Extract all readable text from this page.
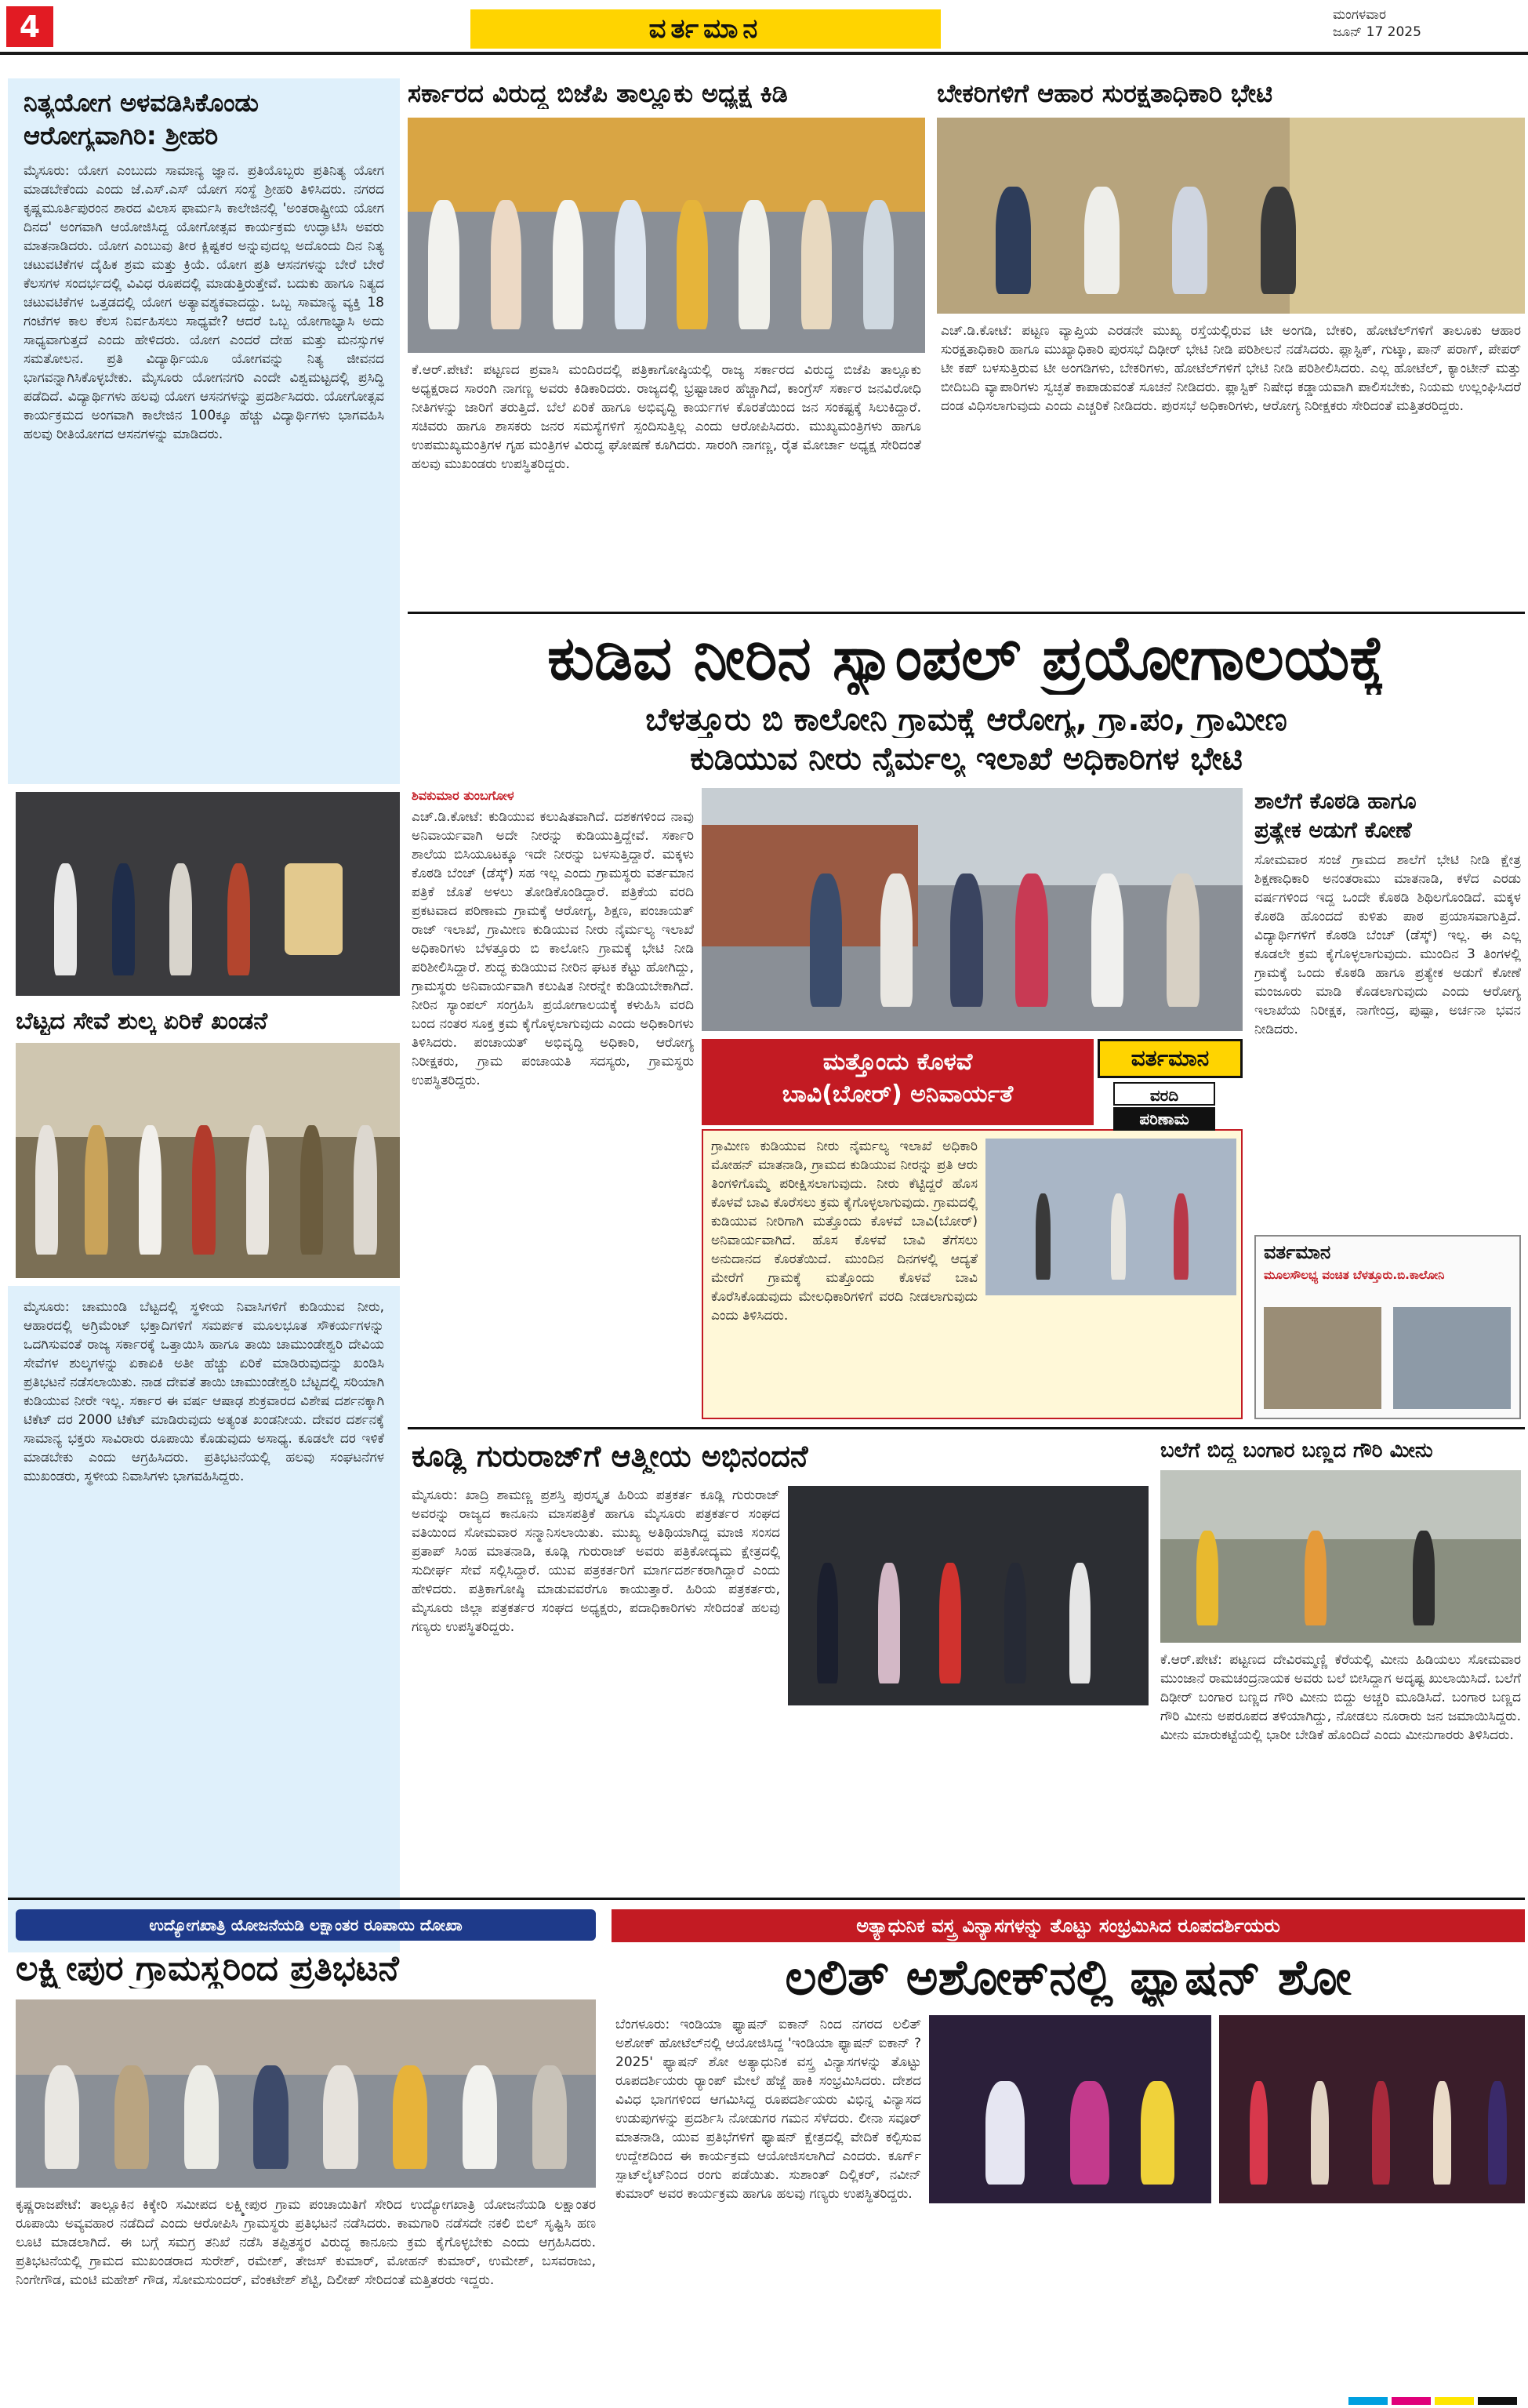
4	ವರ್ತಮಾನ	ಮಂಗಳವಾರ
ಜೂನ್ 17 2025
ನಿತ್ಯಯೋಗ ಅಳವಡಿಸಿಕೊಂಡು
ಆರೋಗ್ಯವಾಗಿರಿ: ಶ್ರೀಹರಿ
ಮೈಸೂರು: ಯೋಗ ಎಂಬುದು ಸಾಮಾನ್ಯ ಜ್ಞಾನ. ಪ್ರತಿಯೊಬ್ಬರು ಪ್ರತಿನಿತ್ಯ ಯೋಗ ಮಾಡಬೇಕೆಂದು ಎಂದು ಜೆ.ಎಸ್.ಎಸ್ ಯೋಗ ಸಂಸ್ಥೆ ಶ್ರೀಹರಿ ತಿಳಿಸಿದರು. ನಗರದ ಕೃಷ್ಣಮೂರ್ತಿಪುರಂನ ಶಾರದ ವಿಲಾಸ ಫಾರ್ಮಸಿ ಕಾಲೇಜಿನಲ್ಲಿ 'ಅಂತರಾಷ್ಟ್ರೀಯ ಯೋಗ ದಿನದ' ಅಂಗವಾಗಿ ಆಯೋಜಿಸಿದ್ದ ಯೋಗೋತ್ಸವ ಕಾರ್ಯಕ್ರಮ ಉದ್ಘಾಟಿಸಿ ಅವರು ಮಾತನಾಡಿದರು. ಯೋಗ ಎಂಬುವು ತೀರ ಕ್ಲಿಷ್ಟಕರ ಅನ್ನುವುದಲ್ಲ ಅದೊಂದು ದಿನ ನಿತ್ಯ ಚಟುವಟಿಕೆಗಳ ದೈಹಿಕ ಶ್ರಮ ಮತ್ತು ಕ್ರಿಯೆ. ಯೋಗ ಪ್ರತಿ ಆಸನಗಳನ್ನು ಬೇರೆ ಬೇರೆ ಕೆಲಸಗಳ ಸಂದರ್ಭದಲ್ಲಿ ವಿವಿಧ ರೂಪದಲ್ಲಿ ಮಾಡುತ್ತಿರುತ್ತೇವೆ. ಬದುಕು ಹಾಗೂ ನಿತ್ಯದ ಚಟುವಟಿಕೆಗಳ ಒತ್ತಡದಲ್ಲಿ ಯೋಗ ಅತ್ಯಾವಶ್ಯಕವಾದದ್ದು. ಒಬ್ಬ ಸಾಮಾನ್ಯ ವ್ಯಕ್ತಿ 18 ಗಂಟೆಗಳ ಕಾಲ ಕೆಲಸ ನಿರ್ವಹಿಸಲು ಸಾಧ್ಯವೇ? ಆದರೆ ಒಬ್ಬ ಯೋಗಾಭ್ಯಾಸಿ ಅದು ಸಾಧ್ಯವಾಗುತ್ತದೆ ಎಂದು ಹೇಳಿದರು. ಯೋಗ ಎಂದರೆ ದೇಹ ಮತ್ತು ಮನಸ್ಸುಗಳ ಸಮತೋಲನ. ಪ್ರತಿ ವಿದ್ಯಾರ್ಥಿಯೂ ಯೋಗವನ್ನು ನಿತ್ಯ ಜೀವನದ ಭಾಗವನ್ನಾಗಿಸಿಕೊಳ್ಳಬೇಕು. ಮೈಸೂರು ಯೋಗನಗರಿ ಎಂದೇ ವಿಶ್ವಮಟ್ಟದಲ್ಲಿ ಪ್ರಸಿದ್ಧಿ ಪಡೆದಿದೆ. ವಿದ್ಯಾರ್ಥಿಗಳು ಹಲವು ಯೋಗ ಆಸನಗಳನ್ನು ಪ್ರದರ್ಶಿಸಿದರು. ಯೋಗೋತ್ಸವ ಕಾರ್ಯಕ್ರಮದ ಅಂಗವಾಗಿ ಕಾಲೇಜಿನ 100ಕ್ಕೂ ಹೆಚ್ಚು ವಿದ್ಯಾರ್ಥಿಗಳು ಭಾಗವಹಿಸಿ ಹಲವು ರೀತಿಯೋಗದ ಆಸನಗಳನ್ನು ಮಾಡಿದರು.
ಬೆಟ್ಟದ ಸೇವೆ ಶುಲ್ಕ ಏರಿಕೆ ಖಂಡನೆ
ಮೈಸೂರು: ಚಾಮುಂಡಿ ಬೆಟ್ಟದಲ್ಲಿ ಸ್ಥಳೀಯ ನಿವಾಸಿಗಳಿಗೆ ಕುಡಿಯುವ ನೀರು, ಆಹಾರದಲ್ಲಿ ಅಗ್ರಿಮೆಂಟ್ ಭಕ್ತಾದಿಗಳಿಗೆ ಸಮರ್ಪಕ ಮೂಲಭೂತ ಸೌಕರ್ಯಗಳನ್ನು ಒದಗಿಸುವಂತೆ ರಾಜ್ಯ ಸರ್ಕಾರಕ್ಕೆ ಒತ್ತಾಯಿಸಿ ಹಾಗೂ ತಾಯಿ ಚಾಮುಂಡೇಶ್ವರಿ ದೇವಿಯ ಸೇವೆಗಳ ಶುಲ್ಕಗಳನ್ನು ಏಕಾಏಕಿ ಅತೀ ಹೆಚ್ಚು ಏರಿಕೆ ಮಾಡಿರುವುದನ್ನು ಖಂಡಿಸಿ ಪ್ರತಿಭಟನೆ ನಡೆಸಲಾಯಿತು. ನಾಡ ದೇವತೆ ತಾಯಿ ಚಾಮುಂಡೇಶ್ವರಿ ಬೆಟ್ಟದಲ್ಲಿ ಸರಿಯಾಗಿ ಕುಡಿಯುವ ನೀರೇ ಇಲ್ಲ. ಸರ್ಕಾರ ಈ ವರ್ಷ ಆಷಾಢ ಶುಕ್ರವಾರದ ವಿಶೇಷ ದರ್ಶನಕ್ಕಾಗಿ ಟಿಕೆಟ್ ದರ 2000 ಟಿಕೆಟ್ ಮಾಡಿರುವುದು ಅತ್ಯಂತ ಖಂಡನೀಯ. ದೇವರ ದರ್ಶನಕ್ಕೆ ಸಾಮಾನ್ಯ ಭಕ್ತರು ಸಾವಿರಾರು ರೂಪಾಯಿ ಕೊಡುವುದು ಅಸಾಧ್ಯ. ಕೂಡಲೇ ದರ ಇಳಿಕೆ ಮಾಡಬೇಕು ಎಂದು ಆಗ್ರಹಿಸಿದರು. ಪ್ರತಿಭಟನೆಯಲ್ಲಿ ಹಲವು ಸಂಘಟನೆಗಳ ಮುಖಂಡರು, ಸ್ಥಳೀಯ ನಿವಾಸಿಗಳು ಭಾಗವಹಿಸಿದ್ದರು.
ಸರ್ಕಾರದ ವಿರುದ್ಧ ಬಿಜೆಪಿ ತಾಲ್ಲೂಕು ಅಧ್ಯಕ್ಷ ಕಿಡಿ
ಕೆ.ಆರ್.ಪೇಟೆ: ಪಟ್ಟಣದ ಪ್ರವಾಸಿ ಮಂದಿರದಲ್ಲಿ ಪತ್ರಿಕಾಗೋಷ್ಠಿಯಲ್ಲಿ ರಾಜ್ಯ ಸರ್ಕಾರದ ವಿರುದ್ಧ ಬಿಜೆಪಿ ತಾಲ್ಲೂಕು ಅಧ್ಯಕ್ಷರಾದ ಸಾರಂಗಿ ನಾಗಣ್ಣ ಅವರು ಕಿಡಿಕಾರಿದರು. ರಾಜ್ಯದಲ್ಲಿ ಭ್ರಷ್ಟಾಚಾರ ಹೆಚ್ಚಾಗಿದೆ, ಕಾಂಗ್ರೆಸ್ ಸರ್ಕಾರ ಜನವಿರೋಧಿ ನೀತಿಗಳನ್ನು ಜಾರಿಗೆ ತರುತ್ತಿದೆ. ಬೆಲೆ ಏರಿಕೆ ಹಾಗೂ ಅಭಿವೃದ್ಧಿ ಕಾರ್ಯಗಳ ಕೊರತೆಯಿಂದ ಜನ ಸಂಕಷ್ಟಕ್ಕೆ ಸಿಲುಕಿದ್ದಾರೆ. ಸಚಿವರು ಹಾಗೂ ಶಾಸಕರು ಜನರ ಸಮಸ್ಯೆಗಳಿಗೆ ಸ್ಪಂದಿಸುತ್ತಿಲ್ಲ ಎಂದು ಆರೋಪಿಸಿದರು. ಮುಖ್ಯಮಂತ್ರಿಗಳು ಹಾಗೂ ಉಪಮುಖ್ಯಮಂತ್ರಿಗಳ ಗೃಹ ಮಂತ್ರಿಗಳ ವಿರುದ್ಧ ಘೋಷಣೆ ಕೂಗಿದರು. ಸಾರಂಗಿ ನಾಗಣ್ಣ, ರೈತ ಮೋರ್ಚಾ ಅಧ್ಯಕ್ಷ ಸೇರಿದಂತೆ ಹಲವು ಮುಖಂಡರು ಉಪಸ್ಥಿತರಿದ್ದರು.
ಬೇಕರಿಗಳಿಗೆ ಆಹಾರ ಸುರಕ್ಷತಾಧಿಕಾರಿ ಭೇಟಿ
ಎಚ್.ಡಿ.ಕೋಟೆ: ಪಟ್ಟಣ ವ್ಯಾಪ್ತಿಯ ಎರಡನೇ ಮುಖ್ಯ ರಸ್ತೆಯಲ್ಲಿರುವ ಟೀ ಅಂಗಡಿ, ಬೇಕರಿ, ಹೋಟೆಲ್‌ಗಳಿಗೆ ತಾಲೂಕು ಆಹಾರ ಸುರಕ್ಷತಾಧಿಕಾರಿ ಹಾಗೂ ಮುಖ್ಯಾಧಿಕಾರಿ ಪುರಸಭೆ ದಿಢೀರ್ ಭೇಟಿ ನೀಡಿ ಪರಿಶೀಲನೆ ನಡೆಸಿದರು. ಪ್ಲಾಸ್ಟಿಕ್, ಗುಟ್ಕಾ, ಪಾನ್ ಪರಾಗ್, ಪೇಪರ್ ಟೀ ಕಪ್ ಬಳಸುತ್ತಿರುವ ಟೀ ಅಂಗಡಿಗಳು, ಬೇಕರಿಗಳು, ಹೋಟೆಲ್‌ಗಳಿಗೆ ಭೇಟಿ ನೀಡಿ ಪರಿಶೀಲಿಸಿದರು. ಎಲ್ಲ ಹೋಟೆಲ್, ಕ್ಯಾಂಟೀನ್ ಮತ್ತು ಬೀದಿಬದಿ ವ್ಯಾಪಾರಿಗಳು ಸ್ವಚ್ಛತೆ ಕಾಪಾಡುವಂತೆ ಸೂಚನೆ ನೀಡಿದರು. ಪ್ಲಾಸ್ಟಿಕ್ ನಿಷೇಧ ಕಡ್ಡಾಯವಾಗಿ ಪಾಲಿಸಬೇಕು, ನಿಯಮ ಉಲ್ಲಂಘಿಸಿದರೆ ದಂಡ ವಿಧಿಸಲಾಗುವುದು ಎಂದು ಎಚ್ಚರಿಕೆ ನೀಡಿದರು. ಪುರಸಭೆ ಅಧಿಕಾರಿಗಳು, ಆರೋಗ್ಯ ನಿರೀಕ್ಷಕರು ಸೇರಿದಂತೆ ಮತ್ತಿತರರಿದ್ದರು.
ಕುಡಿವ ನೀರಿನ ಸ್ಯಾಂಪಲ್ ಪ್ರಯೋಗಾಲಯಕ್ಕೆ
ಬೆಳತ್ತೂರು ಬಿ ಕಾಲೋನಿ ಗ್ರಾಮಕ್ಕೆ ಆರೋಗ್ಯ, ಗ್ರಾ.ಪಂ, ಗ್ರಾಮೀಣ
ಕುಡಿಯುವ ನೀರು ನೈರ್ಮಲ್ಯ ಇಲಾಖೆ ಅಧಿಕಾರಿಗಳ ಭೇಟಿ
ಶಿವಕುಮಾರ ತುಂಬಗೋಳ
ಎಚ್.ಡಿ.ಕೋಟೆ: ಕುಡಿಯುವ ಕಲುಷಿತವಾಗಿದೆ. ದಶಕಗಳಿಂದ ನಾವು ಅನಿವಾರ್ಯವಾಗಿ ಅದೇ ನೀರನ್ನು ಕುಡಿಯುತ್ತಿದ್ದೇವೆ. ಸರ್ಕಾರಿ ಶಾಲೆಯ ಬಿಸಿಯೂಟಕ್ಕೂ ಇದೇ ನೀರನ್ನು ಬಳಸುತ್ತಿದ್ದಾರೆ. ಮಕ್ಕಳು ಕೊಠಡಿ ಬೆಂಚ್ (ಡೆಸ್ಕ್) ಸಹ ಇಲ್ಲ ಎಂದು ಗ್ರಾಮಸ್ಥರು ವರ್ತಮಾನ ಪತ್ರಿಕೆ ಜೊತೆ ಅಳಲು ತೋಡಿಕೊಂಡಿದ್ದಾರೆ. ಪತ್ರಿಕೆಯ ವರದಿ ಪ್ರಕಟವಾದ ಪರಿಣಾಮ ಗ್ರಾಮಕ್ಕೆ ಆರೋಗ್ಯ, ಶಿಕ್ಷಣ, ಪಂಚಾಯತ್ ರಾಜ್ ಇಲಾಖೆ, ಗ್ರಾಮೀಣ ಕುಡಿಯುವ ನೀರು ನೈರ್ಮಲ್ಯ ಇಲಾಖೆ ಅಧಿಕಾರಿಗಳು ಬೆಳತ್ತೂರು ಬಿ ಕಾಲೋನಿ ಗ್ರಾಮಕ್ಕೆ ಭೇಟಿ ನೀಡಿ ಪರಿಶೀಲಿಸಿದ್ದಾರೆ. ಶುದ್ಧ ಕುಡಿಯುವ ನೀರಿನ ಘಟಕ ಕೆಟ್ಟು ಹೋಗಿದ್ದು, ಗ್ರಾಮಸ್ಥರು ಅನಿವಾರ್ಯವಾಗಿ ಕಲುಷಿತ ನೀರನ್ನೇ ಕುಡಿಯಬೇಕಾಗಿದೆ. ನೀರಿನ ಸ್ಯಾಂಪಲ್ ಸಂಗ್ರಹಿಸಿ ಪ್ರಯೋಗಾಲಯಕ್ಕೆ ಕಳುಹಿಸಿ ವರದಿ ಬಂದ ನಂತರ ಸೂಕ್ತ ಕ್ರಮ ಕೈಗೊಳ್ಳಲಾಗುವುದು ಎಂದು ಅಧಿಕಾರಿಗಳು ತಿಳಿಸಿದರು. ಪಂಚಾಯತ್ ಅಭಿವೃದ್ಧಿ ಅಧಿಕಾರಿ, ಆರೋಗ್ಯ ನಿರೀಕ್ಷಕರು, ಗ್ರಾಮ ಪಂಚಾಯತಿ ಸದಸ್ಯರು, ಗ್ರಾಮಸ್ಥರು ಉಪಸ್ಥಿತರಿದ್ದರು.
ಮತ್ತೊಂದು ಕೊಳವೆ
ಬಾವಿ(ಬೋರ್) ಅನಿವಾರ್ಯತೆ
ಗ್ರಾಮೀಣ ಕುಡಿಯುವ ನೀರು ನೈರ್ಮಲ್ಯ ಇಲಾಖೆ ಅಧಿಕಾರಿ ಮೋಹನ್ ಮಾತನಾಡಿ, ಗ್ರಾಮದ ಕುಡಿಯುವ ನೀರನ್ನು ಪ್ರತಿ ಆರು ತಿಂಗಳಿಗೊಮ್ಮೆ ಪರೀಕ್ಷಿಸಲಾಗುವುದು. ನೀರು ಕೆಟ್ಟಿದ್ದರೆ ಹೊಸ ಕೊಳವೆ ಬಾವಿ ಕೊರೆಸಲು ಕ್ರಮ ಕೈಗೊಳ್ಳಲಾಗುವುದು. ಗ್ರಾಮದಲ್ಲಿ ಕುಡಿಯುವ ನೀರಿಗಾಗಿ ಮತ್ತೊಂದು ಕೊಳವೆ ಬಾವಿ(ಬೋರ್) ಅನಿವಾರ್ಯವಾಗಿದೆ. ಹೊಸ ಕೊಳವೆ ಬಾವಿ ತೆಗೆಸಲು ಅನುದಾನದ ಕೊರತೆಯಿದೆ. ಮುಂದಿನ ದಿನಗಳಲ್ಲಿ ಆದ್ಯತೆ ಮೇರೆಗೆ ಗ್ರಾಮಕ್ಕೆ ಮತ್ತೊಂದು ಕೊಳವೆ ಬಾವಿ ಕೊರೆಸಿಕೊಡುವುದು ಮೇಲಧಿಕಾರಿಗಳಿಗೆ ವರದಿ ನೀಡಲಾಗುವುದು ಎಂದು ತಿಳಿಸಿದರು.
ವರ್ತಮಾನ
ವರದಿ
ಪರಿಣಾಮ
ಶಾಲೆಗೆ ಕೊಠಡಿ ಹಾಗೂ
ಪ್ರತ್ಯೇಕ ಅಡುಗೆ ಕೋಣೆ
ಸೋಮವಾರ ಸಂಜೆ ಗ್ರಾಮದ ಶಾಲೆಗೆ ಭೇಟಿ ನೀಡಿ ಕ್ಷೇತ್ರ ಶಿಕ್ಷಣಾಧಿಕಾರಿ ಅನಂತರಾಮು ಮಾತನಾಡಿ, ಕಳೆದ ಎರಡು ವರ್ಷಗಳಿಂದ ಇದ್ದ ಒಂದೇ ಕೊಠಡಿ ಶಿಥಿಲಗೊಂಡಿದೆ. ಮಕ್ಕಳ ಕೊಠಡಿ ಹೊಂದದೆ ಕುಳಿತು ಪಾಠ ಪ್ರಯಾಸವಾಗುತ್ತಿದೆ. ವಿದ್ಯಾರ್ಥಿಗಳಿಗೆ ಕೊಠಡಿ ಬೆಂಚ್ (ಡೆಸ್ಕ್) ಇಲ್ಲ. ಈ ಎಲ್ಲ ಕೂಡಲೇ ಕ್ರಮ ಕೈಗೊಳ್ಳಲಾಗುವುದು. ಮುಂದಿನ 3 ತಿಂಗಳಲ್ಲಿ ಗ್ರಾಮಕ್ಕೆ ಒಂದು ಕೊಠಡಿ ಹಾಗೂ ಪ್ರತ್ಯೇಕ ಅಡುಗೆ ಕೋಣೆ ಮಂಜೂರು ಮಾಡಿ ಕೊಡಲಾಗುವುದು ಎಂದು ಆರೋಗ್ಯ ಇಲಾಖೆಯ ನಿರೀಕ್ಷಕ, ನಾಗೇಂದ್ರ, ಪುಷ್ಪಾ, ಅರ್ಚನಾ ಭವನ ನೀಡಿದರು.
ವರ್ತಮಾನ
ಮೂಲಸೌಲಭ್ಯ ವಂಚಿತ ಬೆಳತ್ತೂರು.ಬಿ.ಕಾಲೋನಿ
ಕೂಡ್ಲಿ ಗುರುರಾಜ್‌ಗೆ ಆತ್ಮೀಯ ಅಭಿನಂದನೆ
ಮೈಸೂರು: ಖಾದ್ರಿ ಶಾಮಣ್ಣ ಪ್ರಶಸ್ತಿ ಪುರಸ್ಕೃತ ಹಿರಿಯ ಪತ್ರಕರ್ತ ಕೂಡ್ಲಿ ಗುರುರಾಜ್ ಅವರನ್ನು ರಾಜ್ಯದ ಕಾನೂನು ಮಾಸಪತ್ರಿಕೆ ಹಾಗೂ ಮೈಸೂರು ಪತ್ರಕರ್ತರ ಸಂಘದ ವತಿಯಿಂದ ಸೋಮವಾರ ಸನ್ಮಾನಿಸಲಾಯಿತು. ಮುಖ್ಯ ಅತಿಥಿಯಾಗಿದ್ದ ಮಾಜಿ ಸಂಸದ ಪ್ರತಾಪ್ ಸಿಂಹ ಮಾತನಾಡಿ, ಕೂಡ್ಲಿ ಗುರುರಾಜ್ ಅವರು ಪತ್ರಿಕೋದ್ಯಮ ಕ್ಷೇತ್ರದಲ್ಲಿ ಸುದೀರ್ಘ ಸೇವೆ ಸಲ್ಲಿಸಿದ್ದಾರೆ. ಯುವ ಪತ್ರಕರ್ತರಿಗೆ ಮಾರ್ಗದರ್ಶಕರಾಗಿದ್ದಾರೆ ಎಂದು ಹೇಳಿದರು. ಪತ್ರಿಕಾಗೋಷ್ಠಿ ಮಾಡುವವರೆಗೂ ಕಾಯುತ್ತಾರೆ. ಹಿರಿಯ ಪತ್ರಕರ್ತರು, ಮೈಸೂರು ಜಿಲ್ಲಾ ಪತ್ರಕರ್ತರ ಸಂಘದ ಅಧ್ಯಕ್ಷರು, ಪದಾಧಿಕಾರಿಗಳು ಸೇರಿದಂತೆ ಹಲವು ಗಣ್ಯರು ಉಪಸ್ಥಿತರಿದ್ದರು.
ಬಲೆಗೆ ಬಿದ್ದ ಬಂಗಾರ ಬಣ್ಣದ ಗೌರಿ ಮೀನು
ಕೆ.ಆರ್.ಪೇಟೆ: ಪಟ್ಟಣದ ದೇವಿರಮ್ಮಣ್ಣಿ ಕೆರೆಯಲ್ಲಿ ಮೀನು ಹಿಡಿಯಲು ಸೋಮವಾರ ಮುಂಜಾನೆ ರಾಮಚಂದ್ರನಾಯಕ ಅವರು ಬಲೆ ಬೀಸಿದ್ದಾಗ ಅದೃಷ್ಟ ಖುಲಾಯಿಸಿದೆ. ಬಲೆಗೆ ದಿಢೀರ್ ಬಂಗಾರ ಬಣ್ಣದ ಗೌರಿ ಮೀನು ಬಿದ್ದು ಅಚ್ಚರಿ ಮೂಡಿಸಿದೆ. ಬಂಗಾರ ಬಣ್ಣದ ಗೌರಿ ಮೀನು ಅಪರೂಪದ ತಳಿಯಾಗಿದ್ದು, ನೋಡಲು ನೂರಾರು ಜನ ಜಮಾಯಿಸಿದ್ದರು. ಮೀನು ಮಾರುಕಟ್ಟೆಯಲ್ಲಿ ಭಾರೀ ಬೇಡಿಕೆ ಹೊಂದಿದೆ ಎಂದು ಮೀನುಗಾರರು ತಿಳಿಸಿದರು.
ಉದ್ಯೋಗಖಾತ್ರಿ ಯೋಜನೆಯಡಿ ಲಕ್ಷಾಂತರ ರೂಪಾಯಿ ದೋಖಾ
ಲಕ್ಷ್ಮೀಪುರ ಗ್ರಾಮಸ್ಥರಿಂದ ಪ್ರತಿಭಟನೆ
ಕೃಷ್ಣರಾಜಪೇಟೆ: ತಾಲ್ಲೂಕಿನ ಕಿಕ್ಕೇರಿ ಸಮೀಪದ ಲಕ್ಷ್ಮೀಪುರ ಗ್ರಾಮ ಪಂಚಾಯಿತಿಗೆ ಸೇರಿದ ಉದ್ಯೋಗಖಾತ್ರಿ ಯೋಜನೆಯಡಿ ಲಕ್ಷಾಂತರ ರೂಪಾಯಿ ಅವ್ಯವಹಾರ ನಡೆದಿದೆ ಎಂದು ಆರೋಪಿಸಿ ಗ್ರಾಮಸ್ಥರು ಪ್ರತಿಭಟನೆ ನಡೆಸಿದರು. ಕಾಮಗಾರಿ ನಡೆಸದೇ ನಕಲಿ ಬಿಲ್ ಸೃಷ್ಟಿಸಿ ಹಣ ಲೂಟಿ ಮಾಡಲಾಗಿದೆ. ಈ ಬಗ್ಗೆ ಸಮಗ್ರ ತನಿಖೆ ನಡೆಸಿ ತಪ್ಪಿತಸ್ಥರ ವಿರುದ್ಧ ಕಾನೂನು ಕ್ರಮ ಕೈಗೊಳ್ಳಬೇಕು ಎಂದು ಆಗ್ರಹಿಸಿದರು. ಪ್ರತಿಭಟನೆಯಲ್ಲಿ ಗ್ರಾಮದ ಮುಖಂಡರಾದ ಸುರೇಶ್, ರಮೇಶ್, ತೇಜಸ್ ಕುಮಾರ್, ಮೋಹನ್ ಕುಮಾರ್, ಉಮೇಶ್, ಬಸವರಾಜು, ನಿಂಗೇಗೌಡ, ಮಂಟಿ ಮಹೇಶ್ ಗೌಡ, ಸೋಮಸುಂದರ್, ವೆಂಕಟೇಶ್ ಶೆಟ್ಟಿ, ದಿಲೀಪ್ ಸೇರಿದಂತೆ ಮತ್ತಿತರರು ಇದ್ದರು.
ಅತ್ಯಾಧುನಿಕ ವಸ್ತ್ರ ವಿನ್ಯಾಸಗಳನ್ನು ತೊಟ್ಟು ಸಂಭ್ರಮಿಸಿದ ರೂಪದರ್ಶಿಯರು
ಲಲಿತ್ ಅಶೋಕ್‌ನಲ್ಲಿ ಫ್ಯಾಷನ್ ಶೋ
ಬೆಂಗಳೂರು: ಇಂಡಿಯಾ ಫ್ಯಾಷನ್ ಐಕಾನ್ ನಿಂದ ನಗರದ ಲಲಿತ್ ಅಶೋಕ್ ಹೋಟೆಲ್‌ನಲ್ಲಿ ಆಯೋಜಿಸಿದ್ದ 'ಇಂಡಿಯಾ ಫ್ಯಾಷನ್ ಐಕಾನ್ ? 2025' ಫ್ಯಾಷನ್ ಶೋ ಅತ್ಯಾಧುನಿಕ ವಸ್ತ್ರ ವಿನ್ಯಾಸಗಳನ್ನು ತೊಟ್ಟು ರೂಪದರ್ಶಿಯರು ರ‍್ಯಾಂಪ್ ಮೇಲೆ ಹೆಜ್ಜೆ ಹಾಕಿ ಸಂಭ್ರಮಿಸಿದರು. ದೇಶದ ವಿವಿಧ ಭಾಗಗಳಿಂದ ಆಗಮಿಸಿದ್ದ ರೂಪದರ್ಶಿಯರು ವಿಭಿನ್ನ ವಿನ್ಯಾಸದ ಉಡುಪುಗಳನ್ನು ಪ್ರದರ್ಶಿಸಿ ನೋಡುಗರ ಗಮನ ಸೆಳೆದರು. ಲೀನಾ ಸವೂರ್ ಮಾತನಾಡಿ, ಯುವ ಪ್ರತಿಭೆಗಳಿಗೆ ಫ್ಯಾಷನ್ ಕ್ಷೇತ್ರದಲ್ಲಿ ವೇದಿಕೆ ಕಲ್ಪಿಸುವ ಉದ್ದೇಶದಿಂದ ಈ ಕಾರ್ಯಕ್ರಮ ಆಯೋಜಿಸಲಾಗಿದೆ ಎಂದರು. ಕೂರ್ಗ್ ಸ್ಪಾಟ್‌ಲೈಟ್‌ನಿಂದ ರಂಗು ಪಡೆಯಿತು. ಸುಶಾಂತ್ ದಿಲ್ಲಿಕರ್, ನವೀನ್ ಕುಮಾರ್ ಅವರ ಕಾರ್ಯಕ್ರಮ ಹಾಗೂ ಹಲವು ಗಣ್ಯರು ಉಪಸ್ಥಿತರಿದ್ದರು.
